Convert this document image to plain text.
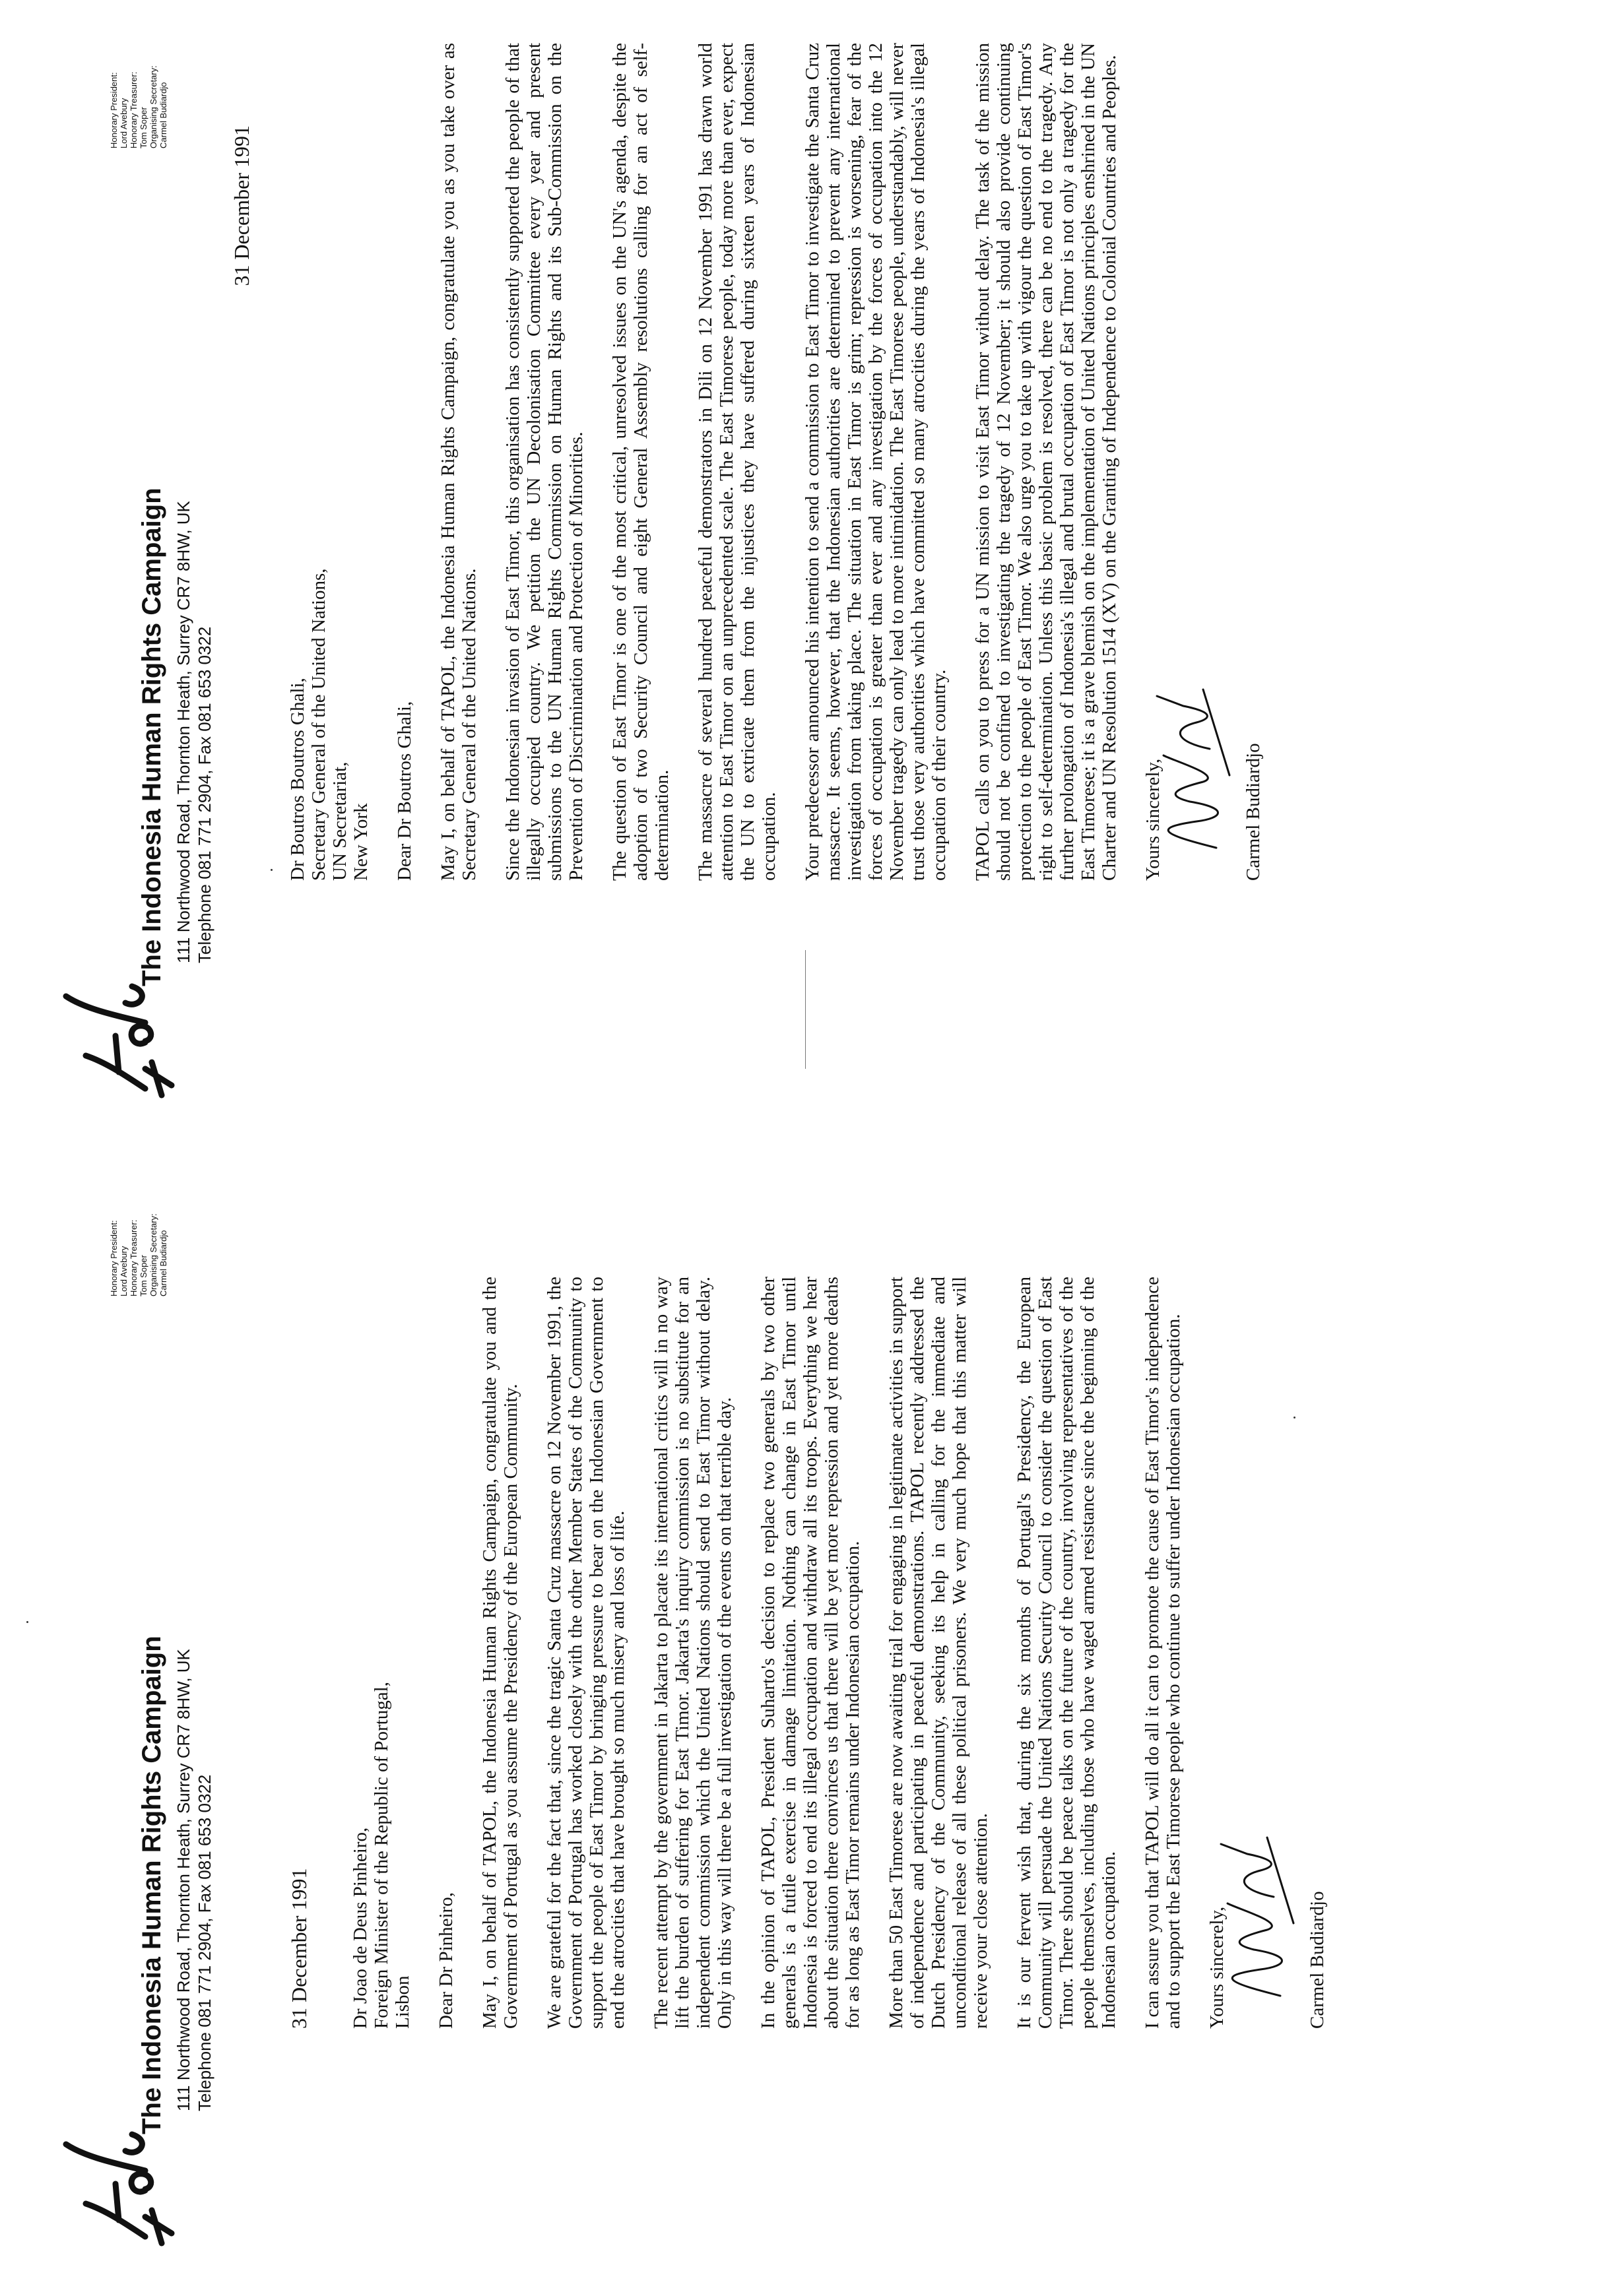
The Indonesia Human Rights Campaign 111 Northwood Road, Thornton Heath, Surrey CR7 8HW, UK Telephone 081 771 2904, Fax 081 653 0322
Honorary President: Lord Avebury Honorary Treasurer: Tom Soper Organising Secretary: Carmel Budiardjo
31 December 1991 Dr Joao de Deus Pinheiro, Foreign Minister of the Republic of Portugal, Lisbon Dear Dr Pinheiro, May I, on behalf of TAPOL, the Indonesia Human Rights Campaign, congratulate you and the Government of Portugal as you assume the Presidency of the European Community. We are grateful for the fact that, since the tragic Santa Cruz massacre on 12 November 1991, the Government of Portugal has worked closely with the other Member States of the Community to support the people of East Timor by bringing pressure to bear on the Indonesian Government to end the atrocities that have brought so much misery and loss of life. The recent attempt by the government in Jakarta to placate its international critics will in no way lift the burden of suffering for East Timor. Jakarta's inquiry commission is no substitute for an independent commission which the United Nations should send to East Timor without delay. Only in this way will there be a full investigation of the events on that terrible day. In the opinion of TAPOL, President Suharto's decision to replace two generals by two other generals is a futile exercise in damage limitation. Nothing can change in East Timor until Indonesia is forced to end its illegal occupation and withdraw all its troops. Everything we hear about the situation there convinces us that there will be yet more repression and yet more deaths for as long as East Timor remains under Indonesian occupation. More than 50 East Timorese are now awaiting trial for engaging in legitimate activities in support of independence and participating in peaceful demonstrations. TAPOL recently addressed the Dutch Presidency of the Community, seeking its help in calling for the immediate and unconditional release of all these political prisoners. We very much hope that this matter will receive your close attention. It is our fervent wish that, during the six months of Portugal's Presidency, the European Community will persuade the United Nations Security Council to consider the question of East Timor. There should be peace talks on the future of the country, involving representatives of the people themselves, including those who have waged armed resistance since the beginning of the Indonesian occupation. I can assure you that TAPOL will do all it can to promote the cause of East Timor's independence and to support the East Timorese people who continue to suffer under Indonesian occupation. Yours sincerely,	Carmel Budiardjo
The Indonesia Human Rights Campaign 111 Northwood Road, Thornton Heath, Surrey CR7 8HW, UK Telephone 081 771 2904, Fax 081 653 0322
Honorary President: Lord Avebury Honorary Treasurer: Tom Soper Organising Secretary: Carmel Budiardjo
31 December 1991
Dr Boutros Boutros Ghali, Secretary General of the United Nations, UN Secretariat, New York Dear Dr Boutros Ghali, May I, on behalf of TAPOL, the Indonesia Human Rights Campaign, congratulate you as you take over as Secretary General of the United Nations. Since the Indonesian invasion of East Timor, this organisation has consistently supported the people of that illegally occupied country. We petition the UN Decolonisation Committee every year and present submissions to the UN Human Rights Commission on Human Rights and its Sub-Commission on the Prevention of Discrimination and Protection of Minorities. The question of East Timor is one of the most critical, unresolved issues on the UN's agenda, despite the adoption of two Security Council and eight General Assembly resolutions calling for an act of self-determination. The massacre of several hundred peaceful demonstrators in Dili on 12 November 1991 has drawn world attention to East Timor on an unprecedented scale. The East Timorese people, today more than ever, expect the UN to extricate them from the injustices they have suffered during sixteen years of Indonesian occupation. Your predecessor announced his intention to send a commission to East Timor to investigate the Santa Cruz massacre. It seems, however, that the Indonesian authorities are determined to prevent any international investigation from taking place. The situation in East Timor is grim; repression is worsening, fear of the forces of occupation is greater than ever and any investigation by the forces of occupation into the 12 November tragedy can only lead to more intimidation. The East Timorese people, understandably, will never trust those very authorities which have committed so many atrocities during the years of Indonesia's illegal occupation of their country. TAPOL calls on you to press for a UN mission to visit East Timor without delay. The task of the mission should not be confined to investigating the tragedy of 12 November; it should also provide continuing protection to the people of East Timor. We also urge you to take up with vigour the question of East Timor's right to self-determination. Unless this basic problem is resolved, there can be no end to the tragedy. Any further prolongation of Indonesia's illegal and brutal occupation of East Timor is not only a tragedy for the East Timorese; it is a grave blemish on the implementation of United Nations principles enshrined in the UN Charter and UN Resolution 1514 (XV) on the Granting of Independence to Colonial Countries and Peoples. Yours sincerely,	Carmel Budiardjo
